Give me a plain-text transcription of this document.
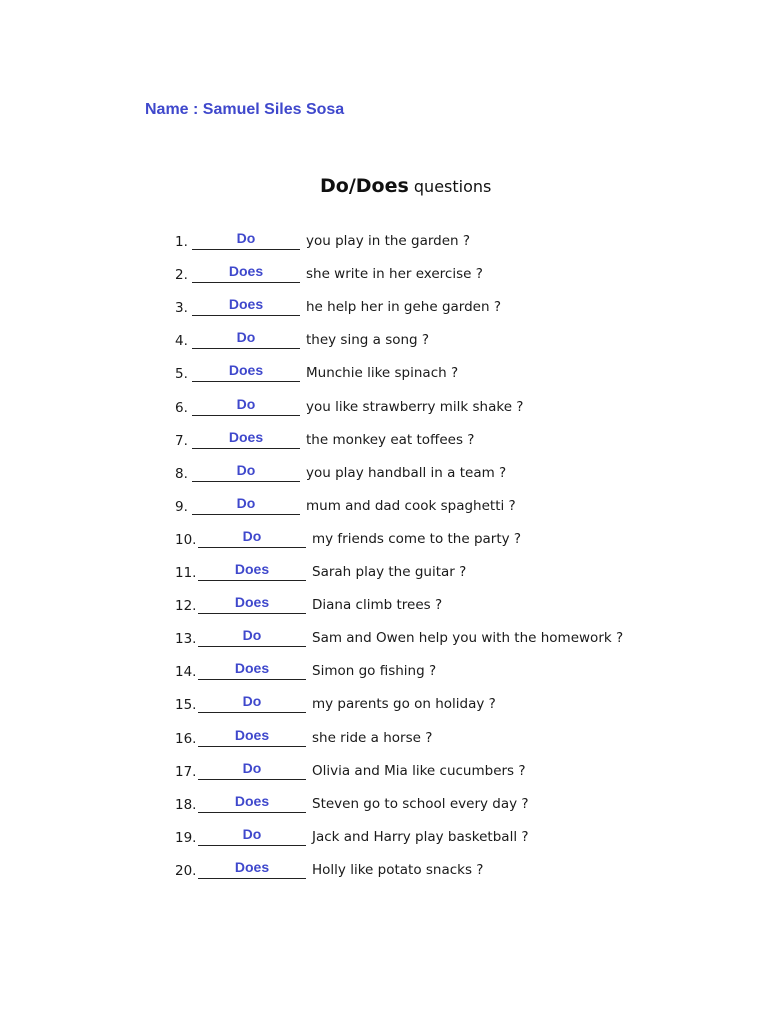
Name : Samuel Siles Sosa
Do/Does questions
1.	Do	you play in the garden ?
2.	Does	she write in her exercise ?
3.	Does	he help her in gehe garden ?
4.	Do	they sing a song ?
5.	Does	Munchie like spinach ?
6.	Do	you like strawberry milk shake ?
7.	Does	the monkey eat toffees ?
8.	Do	you play handball in a team ?
9.	Do	mum and dad cook spaghetti ?
10.	Do	my friends come to the party ?
11.	Does	Sarah play the guitar ?
12.	Does	Diana climb trees ?
13.	Do	Sam and Owen help you with the homework ?
14.	Does	Simon go fishing ?
15.	Do	my parents go on holiday ?
16.	Does	she ride a horse ?
17.	Do	Olivia and Mia like cucumbers ?
18.	Does	Steven go to school every day ?
19.	Do	Jack and Harry play basketball ?
20.	Does	Holly like potato snacks ?
